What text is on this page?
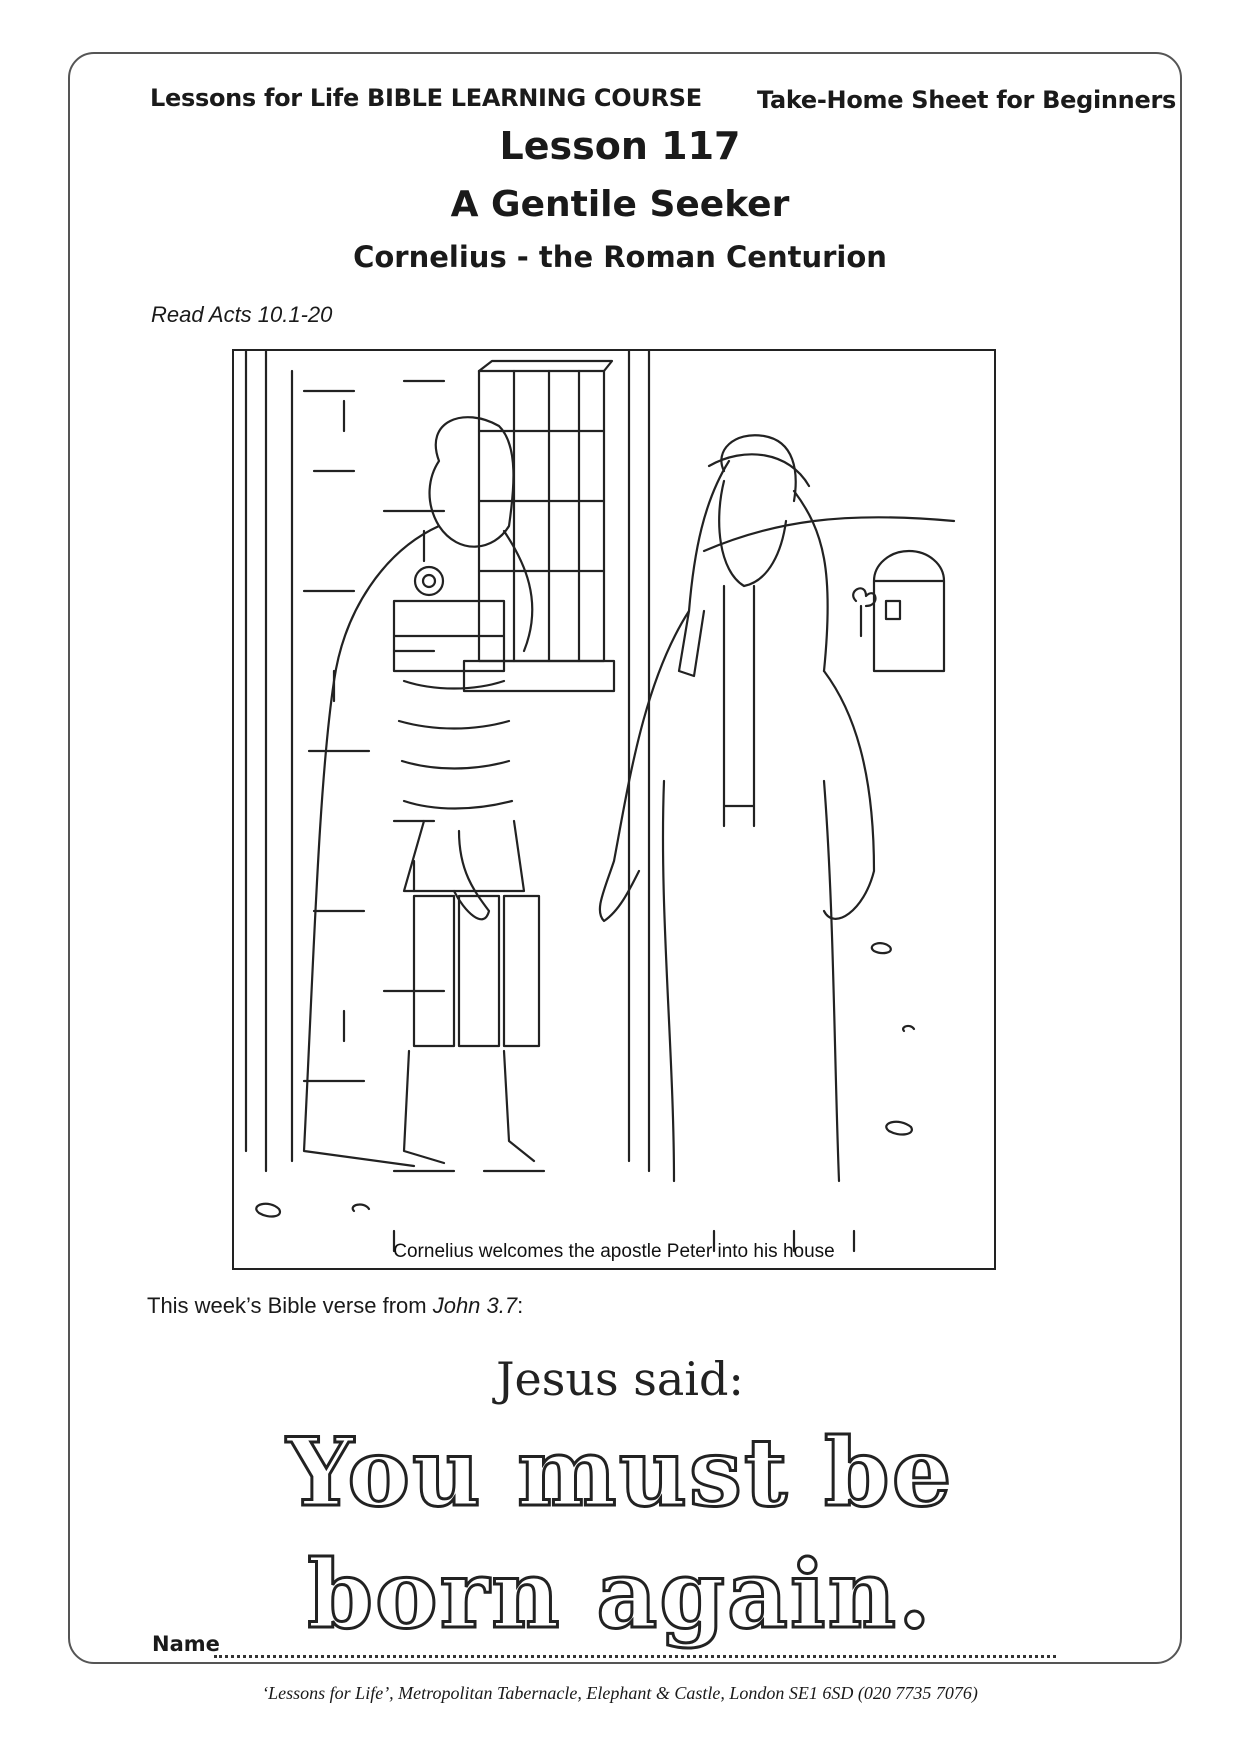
Lessons for Life BIBLE LEARNING COURSE Take-Home Sheet for Beginners
Lesson 117
A Gentile Seeker
Cornelius - the Roman Centurion
Read Acts 10.1-20
Cornelius welcomes the apostle Peter into his house
This week’s Bible verse from John 3.7:
Jesus said:
You must be
born again.
Name
‘Lessons for Life’, Metropolitan Tabernacle, Elephant & Castle, London SE1 6SD (020 7735 7076)
